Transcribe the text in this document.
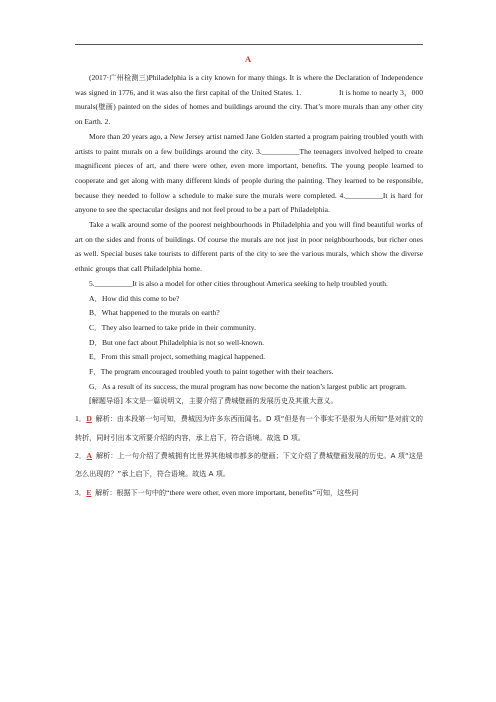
A

(2017·广州检测三)Philadelphia is a city known for many things. It is where the Declaration of Independence was signed in 1776, and it was also the first capital of the United States. 1.__________It is home to nearly 3，000 murals(壁画) painted on the sides of homes and buildings around the city. That’s more murals than any other city on Earth. 2.

More than 20 years ago, a New Jersey artist named Jane Golden started a program pairing troubled youth with artists to paint murals on a few buildings around the city. 3.__________The teenagers involved helped to create magnificent pieces of art, and there were other, even more important, benefits. The young people learned to cooperate and get along with many different kinds of people during the painting. They learned to be responsible, because they needed to follow a schedule to make sure the murals were completed. 4.__________It is hard for anyone to see the spectacular designs and not feel proud to be a part of Philadelphia.

Take a walk around some of the poorest neighbourhoods in Philadelphia and you will find beautiful works of art on the sides and fronts of buildings. Of course the murals are not just in poor neighbourhoods, but richer ones as well. Special buses take tourists to different parts of the city to see the various murals, which show the diverse ethnic groups that call Philadelphia home.

5.__________It is also a model for other cities throughout America seeking to help troubled youth.

A．How did this come to be?

B．What happened to the murals on earth?

C．They also learned to take pride in their community.

D．But one fact about Philadelphia is not so well-known.

E．From this small project, something magical happened.

F．The program encouraged troubled youth to paint together with their teachers.

G．As a result of its success, the mural program has now become the nation’s largest public art program.

[解题导语] 本文是一篇说明文，主要介绍了费城壁画的发展历史及其重大意义。

1．D 解析：由本段第一句可知，费城因为许多东西而闻名。D 项“但是有一个事实不是很为人所知”是对前文的转折，同时引出本文所要介绍的内容，承上启下，符合语境。故选 D 项。

2．A 解析：上一句介绍了费城拥有比世界其他城市都多的壁画；下文介绍了费城壁画发展的历史。A 项“这是怎么出现的？”承上启下，符合语境。故选 A 项。

3．E 解析：根据下一句中的“there were other, even more important, benefits”可知，这些问
